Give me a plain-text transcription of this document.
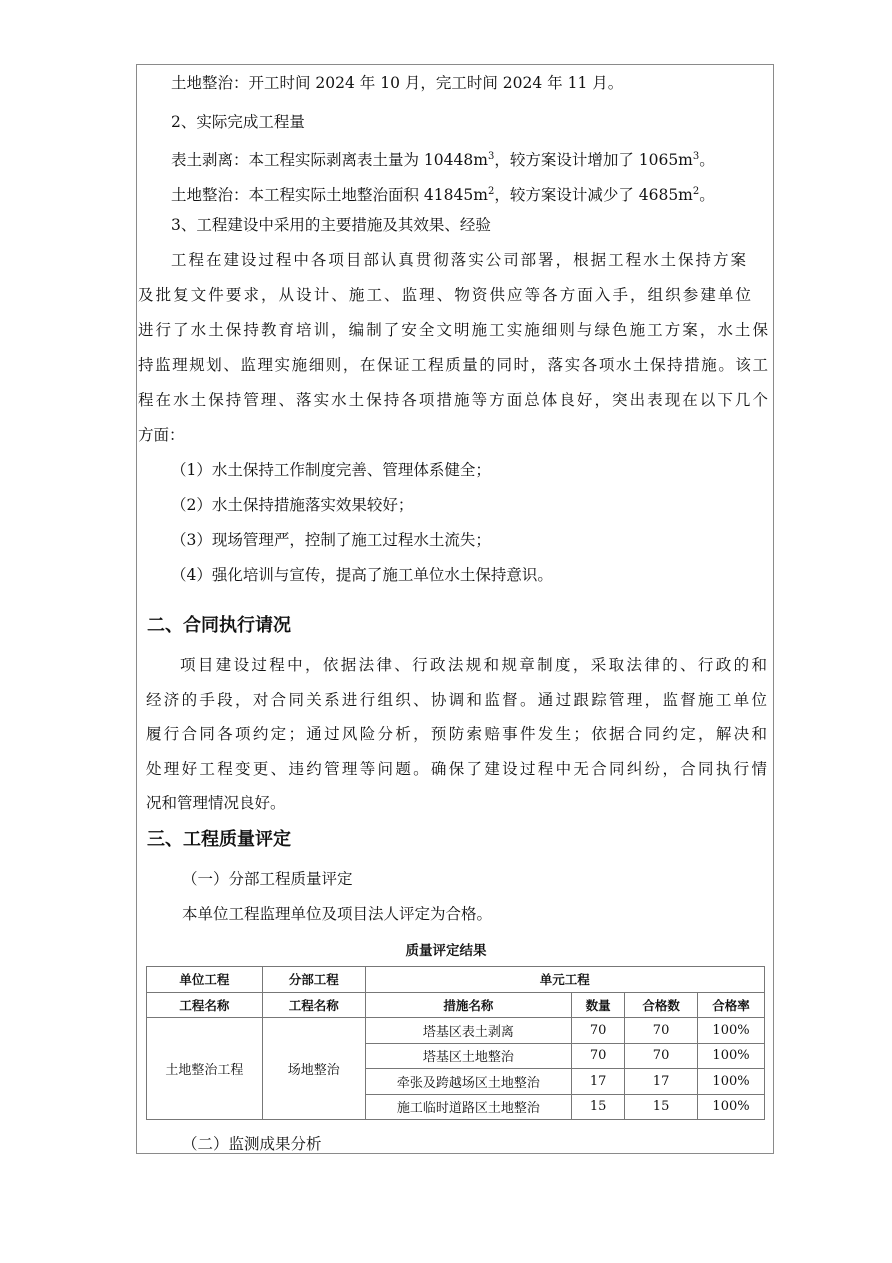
土地整治：开工时间 2024 年 10 月，完工时间 2024 年 11 月。
2、实际完成工程量
表土剥离：本工程实际剥离表土量为 $10448m^3$，较方案设计增加了 $1065m^3$。
土地整治：本工程实际土地整治面积 $41845m^2$，较方案设计减少了 $4685m^2$。
3、工程建设中采用的主要措施及其效果、经验
工程在建设过程中各项目部认真贯彻落实公司部署，根据工程水土保持方案
及批复文件要求，从设计、施工、监理、物资供应等各方面入手，组织参建单位
进行了水土保持教育培训，编制了安全文明施工实施细则与绿色施工方案，水土保
持监理规划、监理实施细则，在保证工程质量的同时，落实各项水土保持措施。该工
程在水土保持管理、落实水土保持各项措施等方面总体良好，突出表现在以下几个
方面：
（1）水土保持工作制度完善、管理体系健全；
（2）水土保持措施落实效果较好；
（3）现场管理严，控制了施工过程水土流失；
（4）强化培训与宣传，提高了施工单位水土保持意识。
二、合同执行请况
项目建设过程中，依据法律、行政法规和规章制度，采取法律的、行政的和
经济的手段，对合同关系进行组织、协调和监督。通过跟踪管理，监督施工单位
履行合同各项约定；通过风险分析，预防索赔事件发生；依据合同约定，解决和
处理好工程变更、违约管理等问题。确保了建设过程中无合同纠纷，合同执行情
况和管理情况良好。
三、工程质量评定
（一）分部工程质量评定
本单位工程监理单位及项目法人评定为合格。
质量评定结果
单位工程	分部工程	单元工程			
工程名称	工程名称	措施名称	数量	合格数	合格率
土地整治工程	场地整治	塔基区表土剥离	70	70	100%
		塔基区土地整治	70	70	100%
		牵张及跨越场区土地整治	17	17	100%
		施工临时道路区土地整治	15	15	100%
（二）监测成果分析
